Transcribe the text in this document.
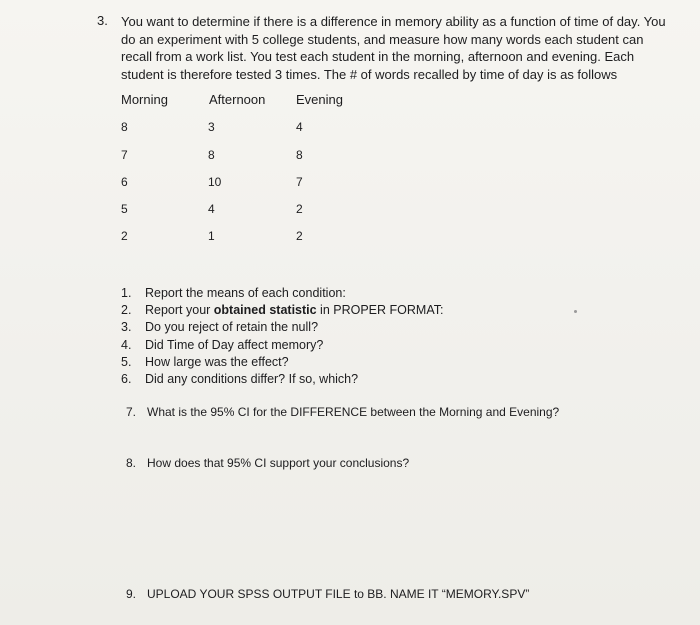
3. You want to determine if there is a difference in memory ability as a function of time of day. You
do an experiment with 5 college students, and measure how many words each student can
recall from a work list. You test each student in the morning, afternoon and evening. Each
student is therefore tested 3 times. The # of words recalled by time of day is as follows
Morning	Afternoon Evening
8	3	4
7	8	8
6	10	7
5	4	2
2	1	2
1. Report the means of each condition:
2. Report your obtained statistic in PROPER FORMAT:
3. Do you reject of retain the null?
4. Did Time of Day affect memory?
5. How large was the effect?
6. Did any conditions differ? If so, which?
7. What is the 95% CI for the DIFFERENCE between the Morning and Evening?
8. How does that 95% CI support your conclusions?
9. UPLOAD YOUR SPSS OUTPUT FILE to BB. NAME IT “MEMORY.SPV”
